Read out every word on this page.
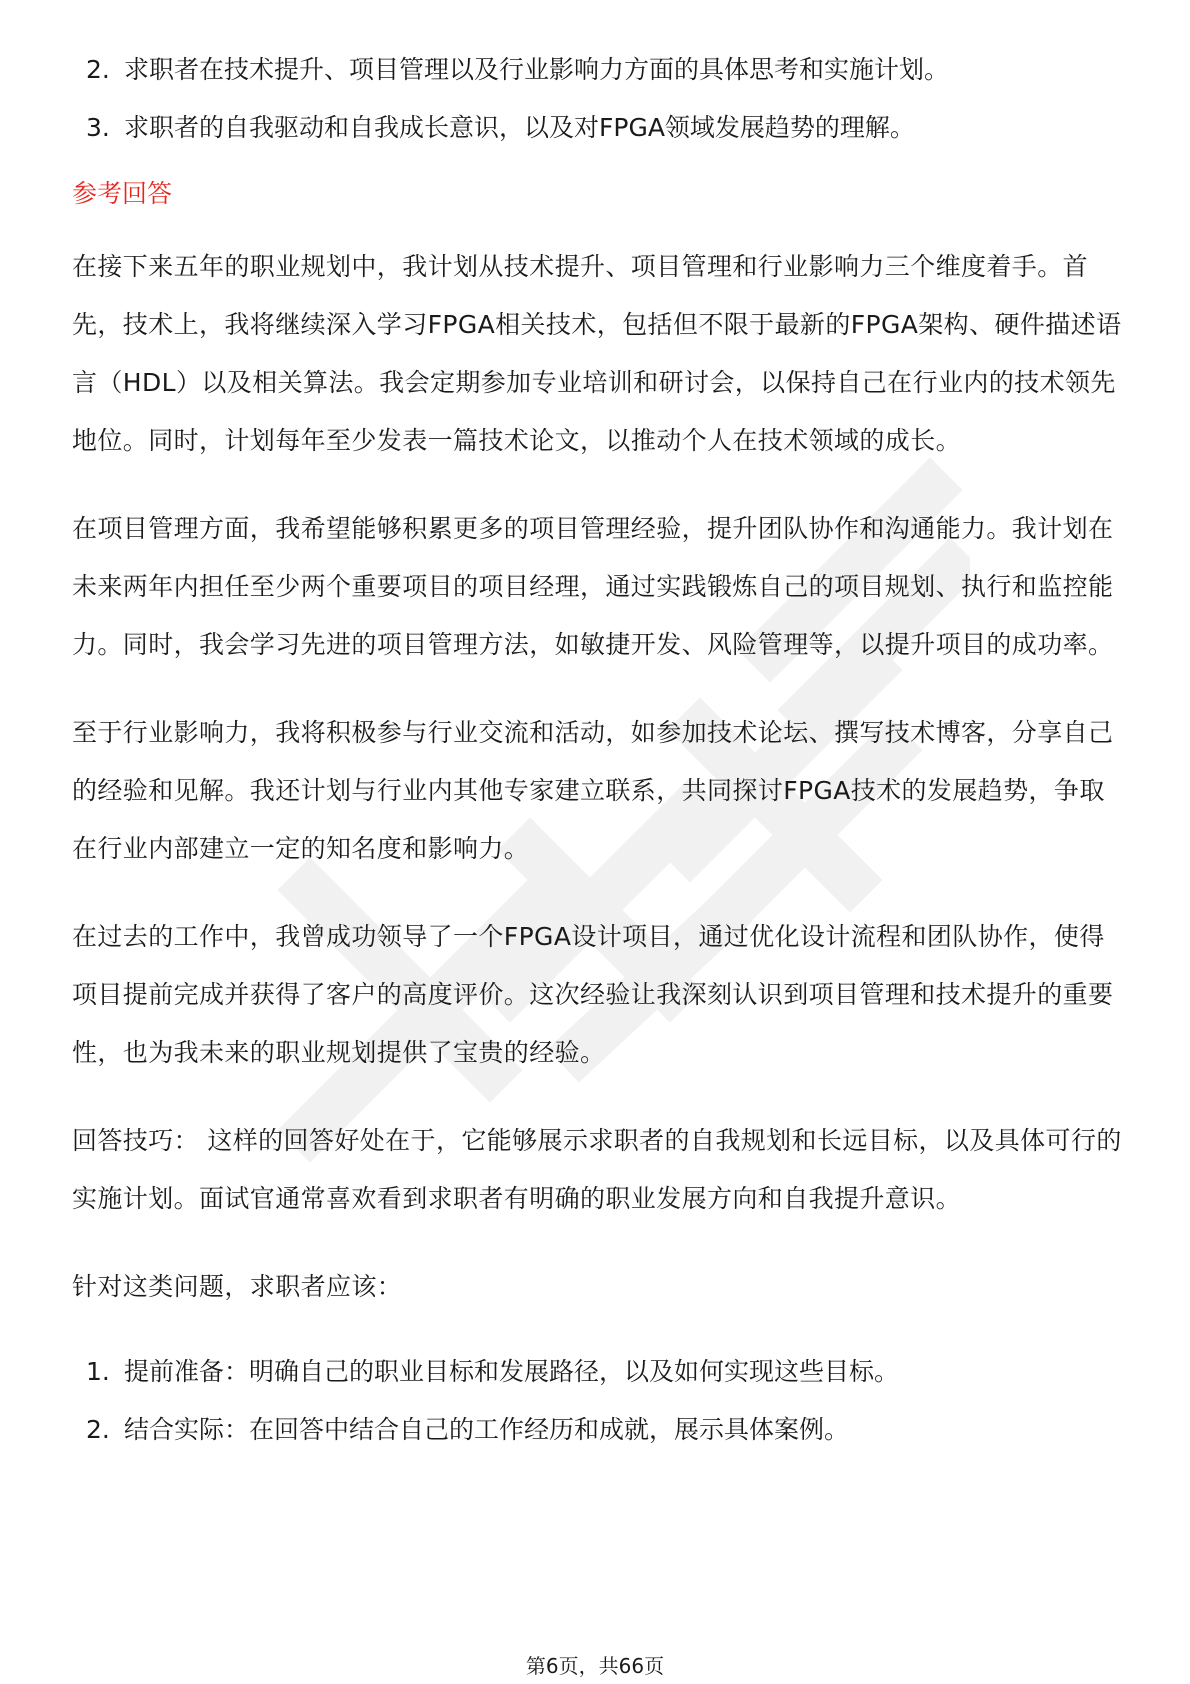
2. 求职者在技术提升、项目管理以及行业影响力方面的具体思考和实施计划。
3. 求职者的自我驱动和自我成长意识，以及对FPGA领域发展趋势的理解。
参考回答

在接下来五年的职业规划中，我计划从技术提升、项目管理和行业影响力三个维度着手。首先，技术上，我将继续深入学习FPGA相关技术，包括但不限于最新的FPGA架构、硬件描述语言（HDL）以及相关算法。我会定期参加专业培训和研讨会，以保持自己在行业内的技术领先地位。同时，计划每年至少发表一篇技术论文，以推动个人在技术领域的成长。

在项目管理方面，我希望能够积累更多的项目管理经验，提升团队协作和沟通能力。我计划在未来两年内担任至少两个重要项目的项目经理，通过实践锻炼自己的项目规划、执行和监控能力。同时，我会学习先进的项目管理方法，如敏捷开发、风险管理等，以提升项目的成功率。

至于行业影响力，我将积极参与行业交流和活动，如参加技术论坛、撰写技术博客，分享自己的经验和见解。我还计划与行业内其他专家建立联系，共同探讨FPGA技术的发展趋势，争取在行业内部建立一定的知名度和影响力。

在过去的工作中，我曾成功领导了一个FPGA设计项目，通过优化设计流程和团队协作，使得项目提前完成并获得了客户的高度评价。这次经验让我深刻认识到项目管理和技术提升的重要性，也为我未来的职业规划提供了宝贵的经验。

回答技巧： 这样的回答好处在于，它能够展示求职者的自我规划和长远目标，以及具体可行的实施计划。面试官通常喜欢看到求职者有明确的职业发展方向和自我提升意识。

针对这类问题，求职者应该：

1. 提前准备：明确自己的职业目标和发展路径，以及如何实现这些目标。
2. 结合实际：在回答中结合自己的工作经历和成就，展示具体案例。
第6页，共66页
